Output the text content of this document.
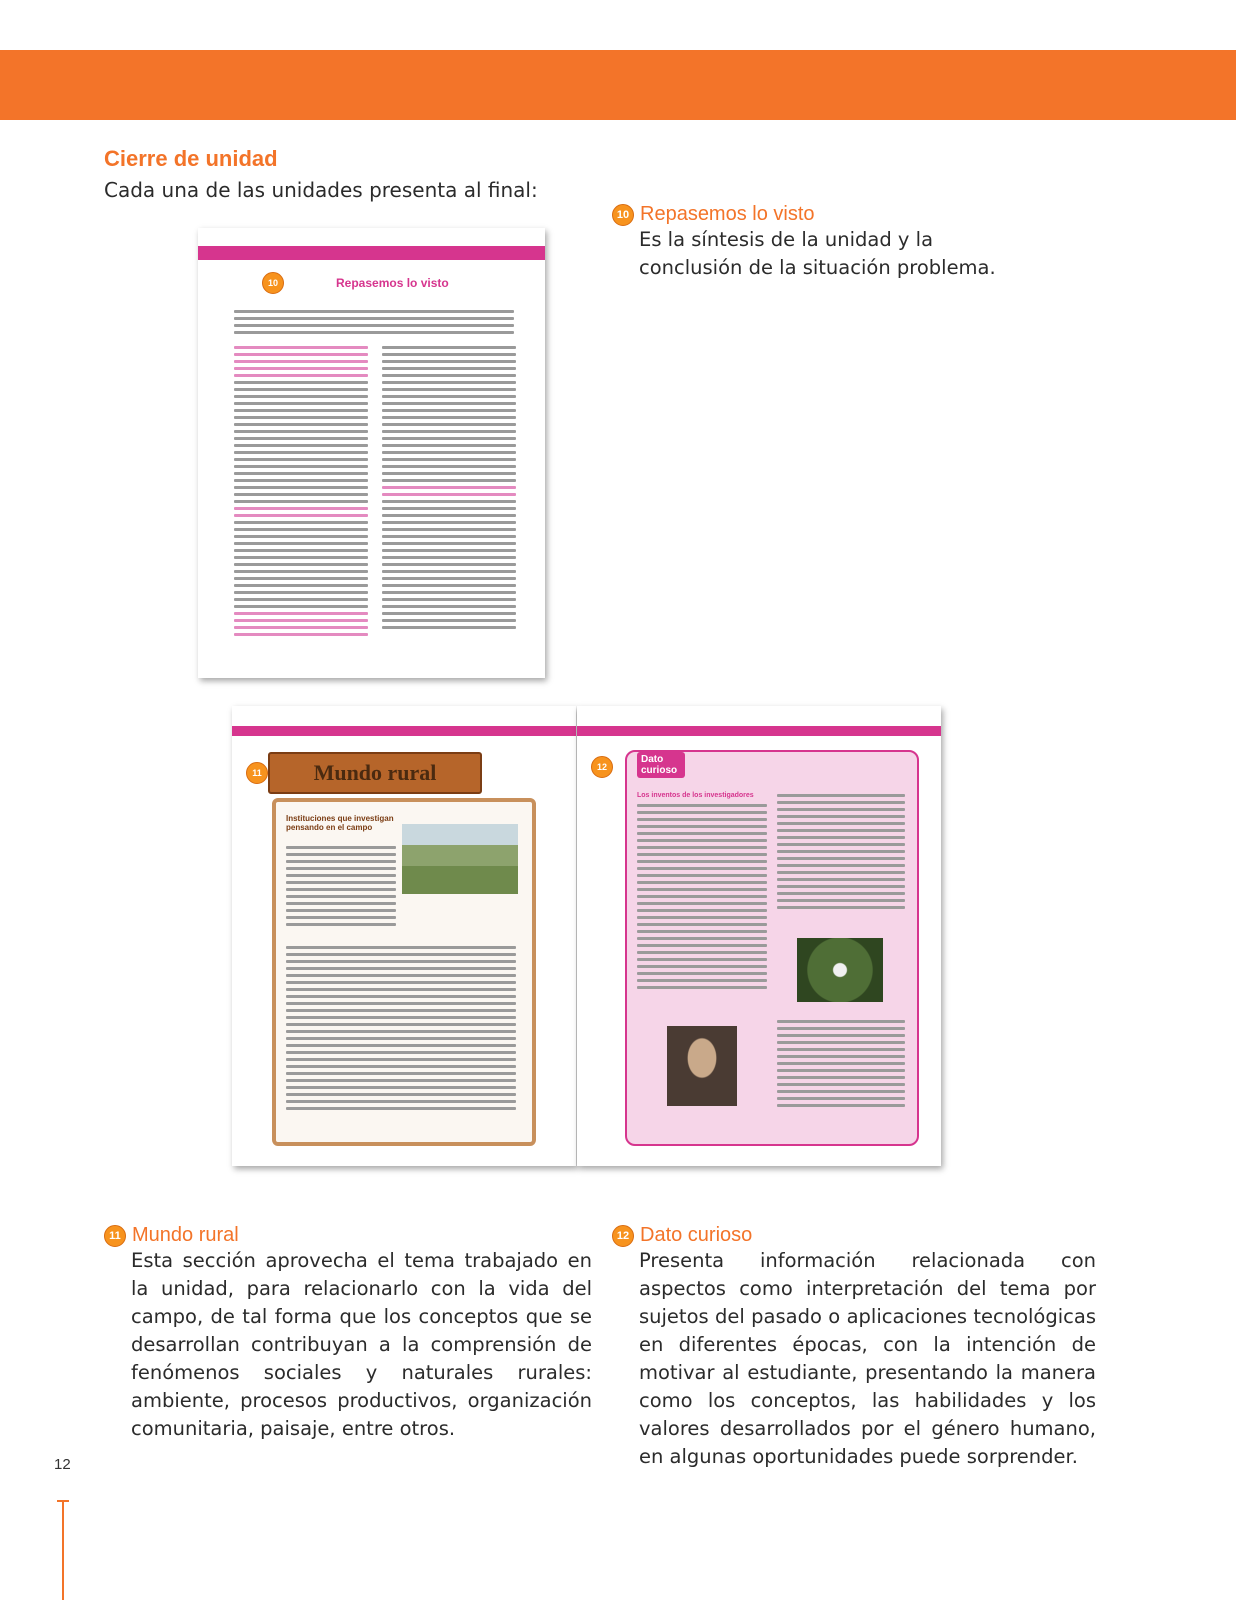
Cierre de unidad
Cada una de las unidades presenta al final:
10 Repasemos lo visto
Es la síntesis de la unidad y la conclusión de la situación problema.
10	Repasemos lo visto
11	Mundo rural
Instituciones que investigan pensando en el campo
12
Dato curioso
Los inventos de los investigadores
11 Mundo rural
Esta sección aprovecha el tema trabajado en la unidad, para relacionarlo con la vida del campo, de tal forma que los conceptos que se desarrollan contribuyan a la comprensión de fenómenos sociales y naturales rurales: ambiente, procesos productivos, organización comunitaria, paisaje, entre otros.
12 Dato curioso
Presenta información relacionada con aspectos como interpretación del tema por sujetos del pasado o aplicaciones tecnológicas en diferentes épocas, con la intención de motivar al estudiante, presentando la manera como los conceptos, las habilidades y los valores desarrollados por el género humano, en algunas oportunidades puede sorprender.
12
